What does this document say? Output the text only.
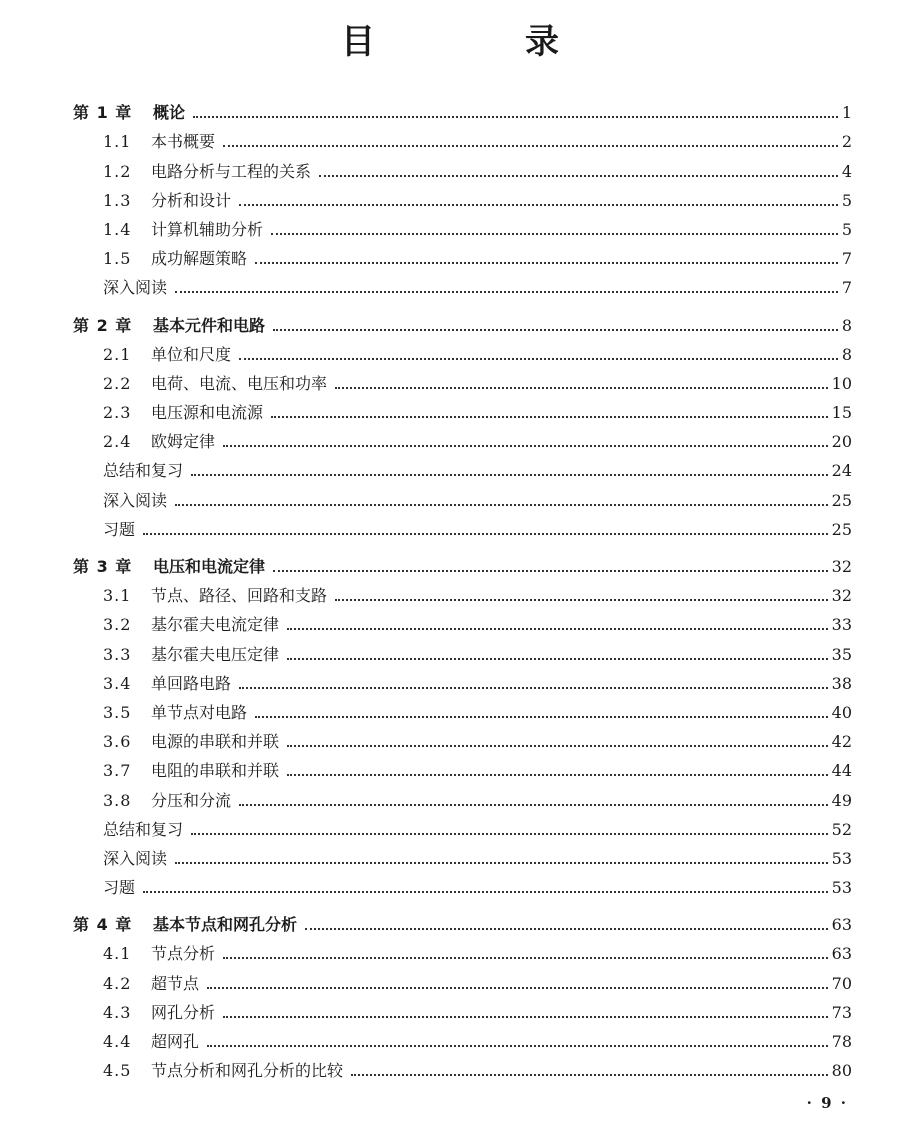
目　录
第 1 章	概论	1
1.1	本书概要	2
1.2	电路分析与工程的关系	4
1.3	分析和设计	5
1.4	计算机辅助分析	5
1.5	成功解题策略	7
深入阅读	7
第 2 章	基本元件和电路	8
2.1	单位和尺度	8
2.2	电荷、电流、电压和功率	10
2.3	电压源和电流源	15
2.4	欧姆定律	20
总结和复习	24
深入阅读	25
习题	25
第 3 章	电压和电流定律	32
3.1	节点、路径、回路和支路	32
3.2	基尔霍夫电流定律	33
3.3	基尔霍夫电压定律	35
3.4	单回路电路	38
3.5	单节点对电路	40
3.6	电源的串联和并联	42
3.7	电阻的串联和并联	44
3.8	分压和分流	49
总结和复习	52
深入阅读	53
习题	53
第 4 章	基本节点和网孔分析	63
4.1	节点分析	63
4.2	超节点	70
4.3	网孔分析	73
4.4	超网孔	78
4.5	节点分析和网孔分析的比较	80
· 9 ·
